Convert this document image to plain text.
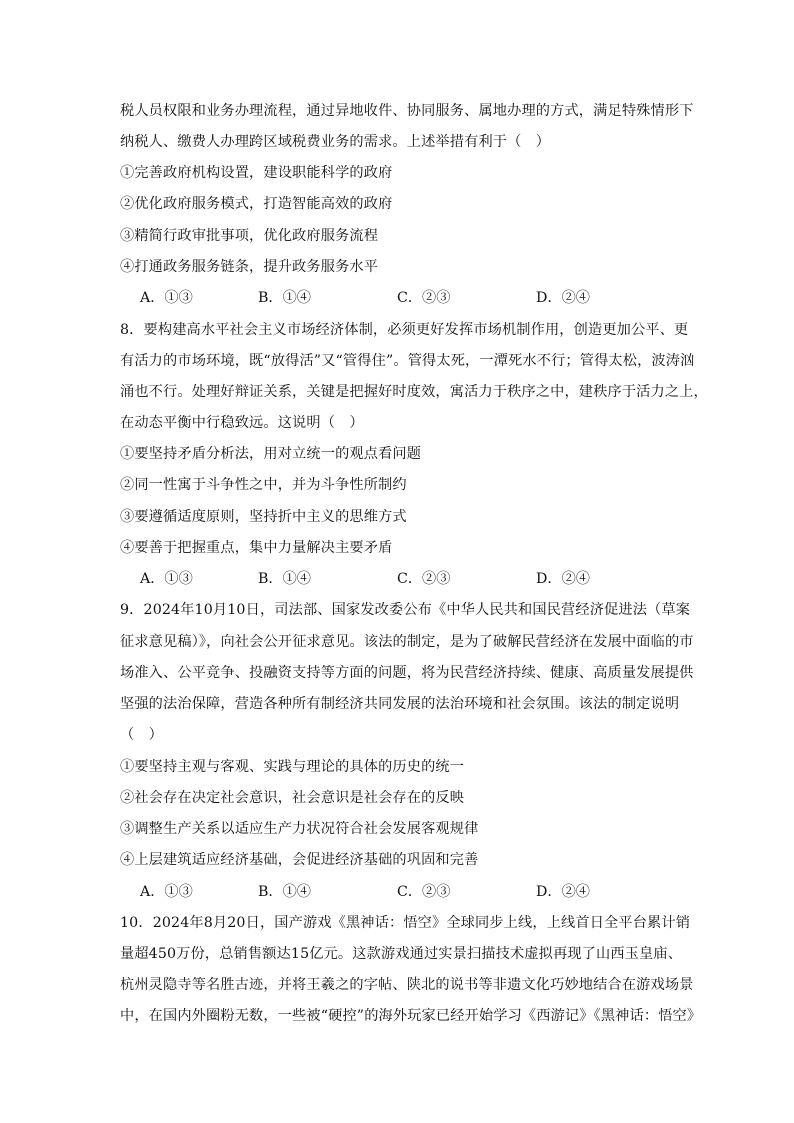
税人员权限和业务办理流程，通过异地收件、协同服务、属地办理的方式，满足特殊情形下
纳税人、缴费人办理跨区域税费业务的需求。上述举措有利于（　）
①完善政府机构设置，建设职能科学的政府
②优化政府服务模式，打造智能高效的政府
③精简行政审批事项，优化政府服务流程
④打通政务服务链条，提升政务服务水平
A．①③	B．①④	C．②③	D．②④
8．要构建高水平社会主义市场经济体制，必须更好发挥市场机制作用，创造更加公平、更
有活力的市场环境，既“放得活”又“管得住”。管得太死，一潭死水不行；管得太松，波涛汹
涌也不行。处理好辩证关系，关键是把握好时度效，寓活力于秩序之中，建秩序于活力之上，
在动态平衡中行稳致远。这说明（　）
①要坚持矛盾分析法，用对立统一的观点看问题
②同一性寓于斗争性之中，并为斗争性所制约
③要遵循适度原则，坚持折中主义的思维方式
④要善于把握重点，集中力量解决主要矛盾
A．①③	B．①④	C．②③	D．②④
9．2024年10月10日，司法部、国家发改委公布《中华人民共和国民营经济促进法（草案
征求意见稿）》，向社会公开征求意见。该法的制定，是为了破解民营经济在发展中面临的市
场准入、公平竞争、投融资支持等方面的问题，将为民营经济持续、健康、高质量发展提供
坚强的法治保障，营造各种所有制经济共同发展的法治环境和社会氛围。该法的制定说明
（　）
①要坚持主观与客观、实践与理论的具体的历史的统一
②社会存在决定社会意识，社会意识是社会存在的反映
③调整生产关系以适应生产力状况符合社会发展客观规律
④上层建筑适应经济基础，会促进经济基础的巩固和完善
A．①③	B．①④	C．②③	D．②④
10．2024年8月20日，国产游戏《黑神话：悟空》全球同步上线，上线首日全平台累计销
量超450万份，总销售额达15亿元。这款游戏通过实景扫描技术虚拟再现了山西玉皇庙、
杭州灵隐寺等名胜古迹，并将王羲之的字帖、陕北的说书等非遗文化巧妙地结合在游戏场景
中，在国内外圈粉无数，一些被“硬控”的海外玩家已经开始学习《西游记》《黑神话：悟空》
